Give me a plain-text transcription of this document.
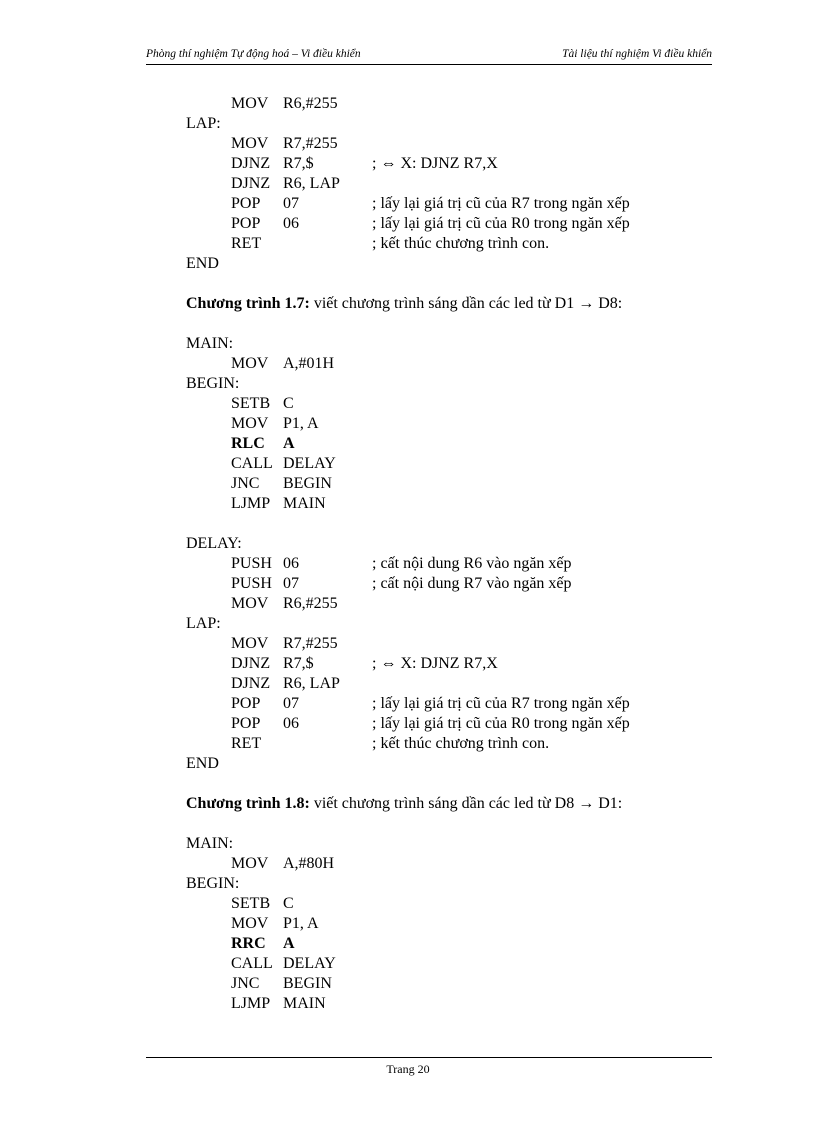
Phòng thí nghiệm Tự động hoá – Vi điều khiển	Tài liệu thí nghiệm Vi điều khiển
MOV R6,#255
LAP:
MOV R7,#255
DJNZ R7,$	; ⇔ X: DJNZ R7,X
DJNZ R6, LAP
POP	07	; lấy lại giá trị cũ của R7 trong ngăn xếp
POP	06	; lấy lại giá trị cũ của R0 trong ngăn xếp
RET	; kết thúc chương trình con.
END
Chương trình 1.7: viết chương trình sáng dần các led từ D1 → D8:
MAIN:
MOV A,#01H
BEGIN:
SETB C
MOV P1, A
RLC	A
CALL DELAY
JNC	BEGIN
LJMP MAIN
DELAY:
PUSH 06	; cất nội dung R6 vào ngăn xếp
PUSH 07	; cất nội dung R7 vào ngăn xếp
MOV R6,#255
LAP:
MOV R7,#255
DJNZ R7,$	; ⇔ X: DJNZ R7,X
DJNZ R6, LAP
POP	07	; lấy lại giá trị cũ của R7 trong ngăn xếp
POP	06	; lấy lại giá trị cũ của R0 trong ngăn xếp
RET	; kết thúc chương trình con.
END
Chương trình 1.8: viết chương trình sáng dần các led từ D8 → D1:
MAIN:
MOV A,#80H
BEGIN:
SETB C
MOV P1, A
RRC	A
CALL DELAY
JNC	BEGIN
LJMP MAIN
Trang 20
